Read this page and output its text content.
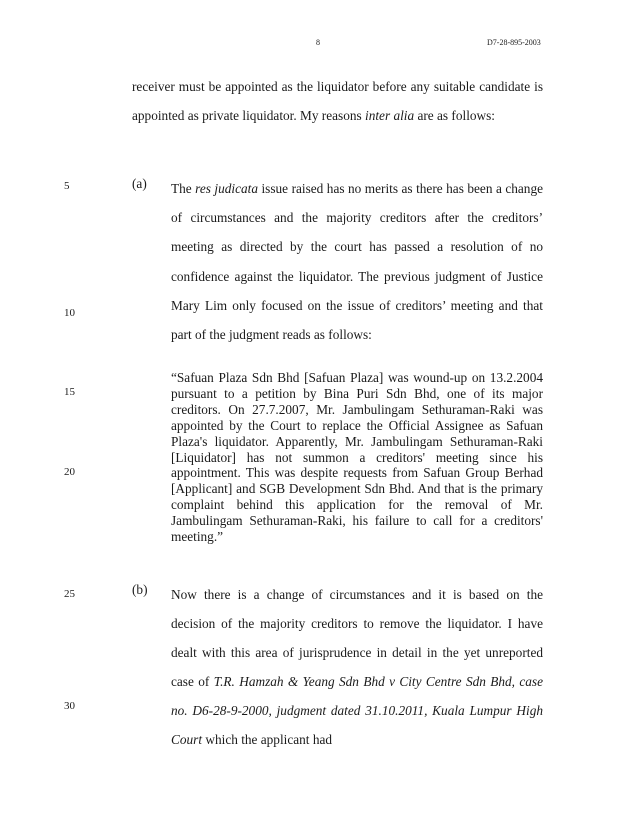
8	D7-28-895-2003
5
10
15
20
25
30
receiver must be appointed as the liquidator before any suitable candidate is appointed as private liquidator. My reasons inter alia are as follows:
(a) The res judicata issue raised has no merits as there has been a change of circumstances and the majority creditors after the creditors’ meeting as directed by the court has passed a resolution of no confidence against the liquidator. The previous judgment of Justice Mary Lim only focused on the issue of creditors’ meeting and that part of the judgment reads as follows:
“Safuan Plaza Sdn Bhd [Safuan Plaza] was wound-up on 13.2.2004 pursuant to a petition by Bina Puri Sdn Bhd, one of its major creditors. On 27.7.2007, Mr. Jambulingam Sethuraman-Raki was appointed by the Court to replace the Official Assignee as Safuan Plaza's liquidator. Apparently, Mr. Jambulingam Sethuraman-Raki [Liquidator] has not summon a creditors' meeting since his appointment. This was despite requests from Safuan Group Berhad [Applicant] and SGB Development Sdn Bhd. And that is the primary complaint behind this application for the removal of Mr. Jambulingam Sethuraman-Raki, his failure to call for a creditors' meeting.”
(b) Now there is a change of circumstances and it is based on the decision of the majority creditors to remove the liquidator. I have dealt with this area of jurisprudence in detail in the yet unreported case of T.R. Hamzah & Yeang Sdn Bhd v City Centre Sdn Bhd, case no. D6-28-9-2000, judgment dated 31.10.2011, Kuala Lumpur High Court which the applicant had
